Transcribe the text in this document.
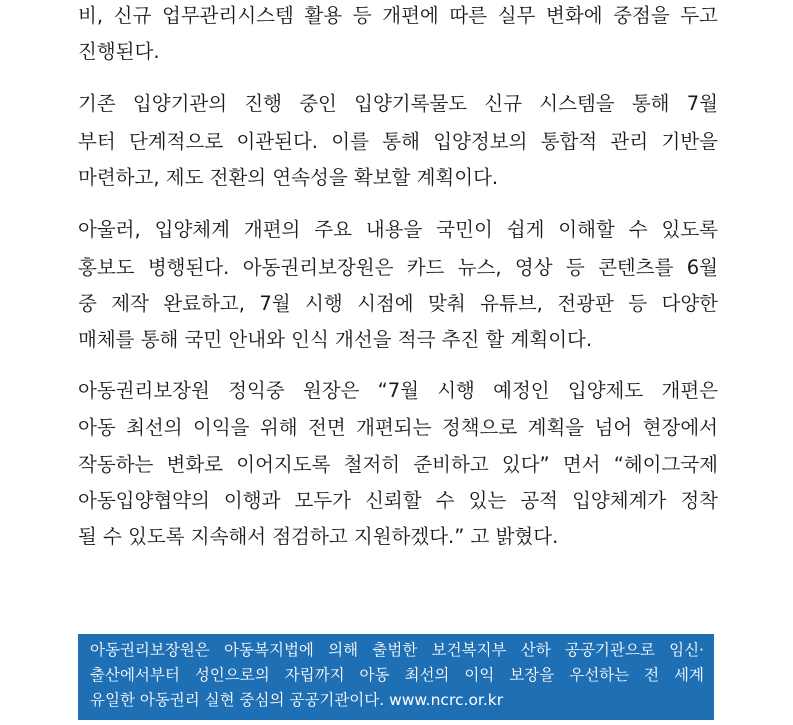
비, 신규 업무관리시스템 활용 등 개편에 따른 실무 변화에 중점을 두고
진행된다.
기존 입양기관의 진행 중인 입양기록물도 신규 시스템을 통해 7월
부터 단계적으로 이관된다. 이를 통해 입양정보의 통합적 관리 기반을
마련하고, 제도 전환의 연속성을 확보할 계획이다.
아울러, 입양체계 개편의 주요 내용을 국민이 쉽게 이해할 수 있도록
홍보도 병행된다. 아동권리보장원은 카드 뉴스, 영상 등 콘텐츠를 6월
중 제작 완료하고, 7월 시행 시점에 맞춰 유튜브, 전광판 등 다양한
매체를 통해 국민 안내와 인식 개선을 적극 추진 할 계획이다.
아동권리보장원 정익중 원장은 “7월 시행 예정인 입양제도 개편은
아동 최선의 이익을 위해 전면 개편되는 정책으로 계획을 넘어 현장에서
작동하는 변화로 이어지도록 철저히 준비하고 있다” 면서 “헤이그국제
아동입양협약의 이행과 모두가 신뢰할 수 있는 공적 입양체계가 정착
될 수 있도록 지속해서 점검하고 지원하겠다.” 고 밝혔다.
아동권리보장원은 아동복지법에 의해 출범한 보건복지부 산하 공공기관으로 임신·
출산에서부터 성인으로의 자립까지 아동 최선의 이익 보장을 우선하는 전 세계
유일한 아동권리 실현 중심의 공공기관이다. www.ncrc.or.kr
